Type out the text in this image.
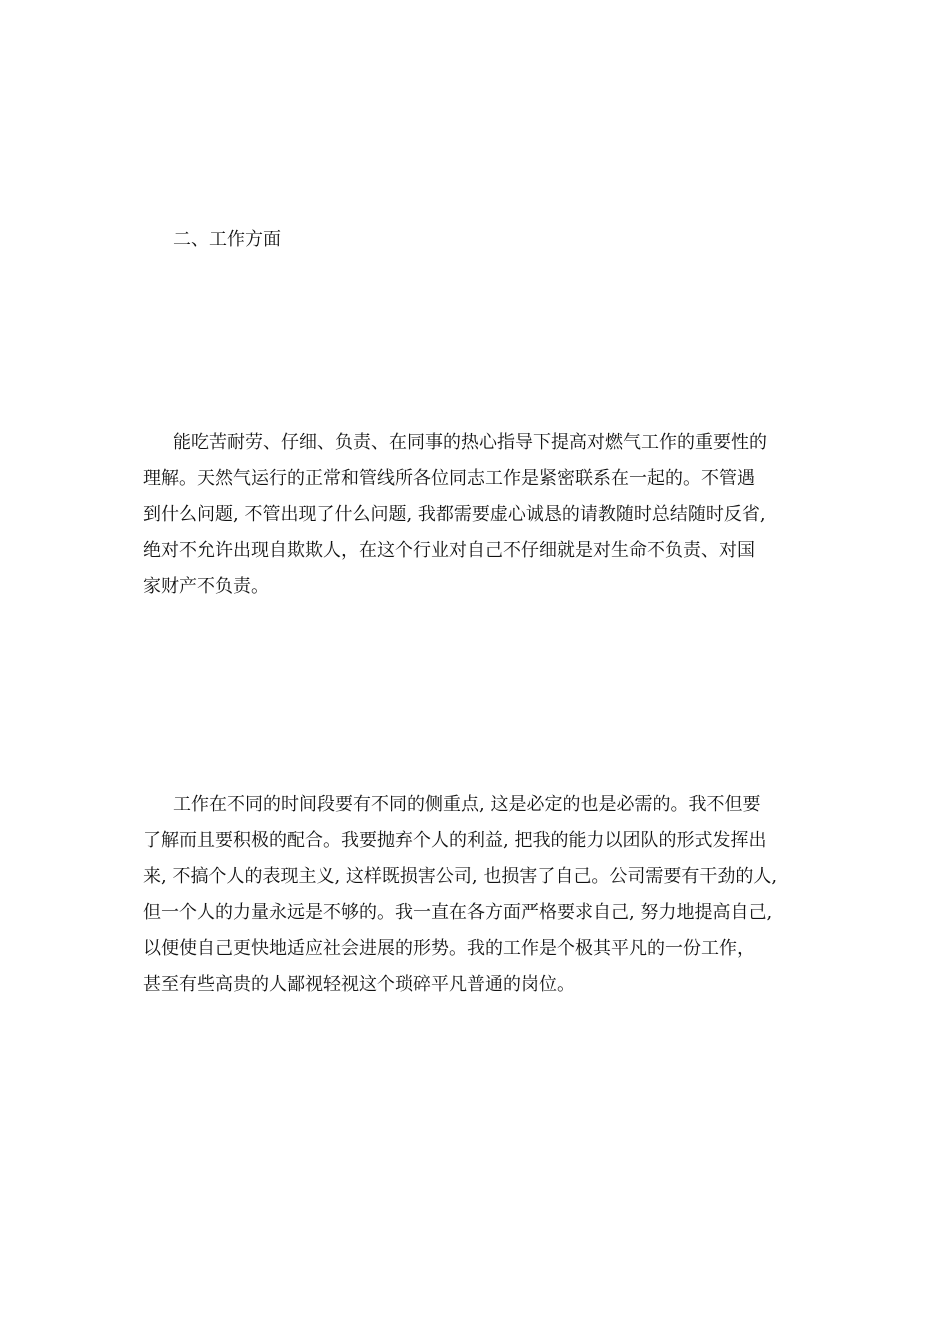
二、工作方面

能吃苦耐劳、仔细、负责、在同事的热心指导下提高对燃气工作的重要性的
理解。天然气运行的正常和管线所各位同志工作是紧密联系在一起的。不管遇
到什么问题, 不管出现了什么问题, 我都需要虚心诚恳的请教随时总结随时反省,
绝对不允许出现自欺欺人，在这个行业对自己不仔细就是对生命不负责、对国
家财产不负责。

工作在不同的时间段要有不同的侧重点, 这是必定的也是必需的。我不但要
了解而且要积极的配合。我要抛弃个人的利益, 把我的能力以团队的形式发挥出
来, 不搞个人的表现主义, 这样既损害公司, 也损害了自己。公司需要有干劲的人,
但一个人的力量永远是不够的。我一直在各方面严格要求自己, 努力地提高自己,
以便使自己更快地适应社会进展的形势。我的工作是个极其平凡的一份工作，
甚至有些高贵的人鄙视轻视这个琐碎平凡普通的岗位。
